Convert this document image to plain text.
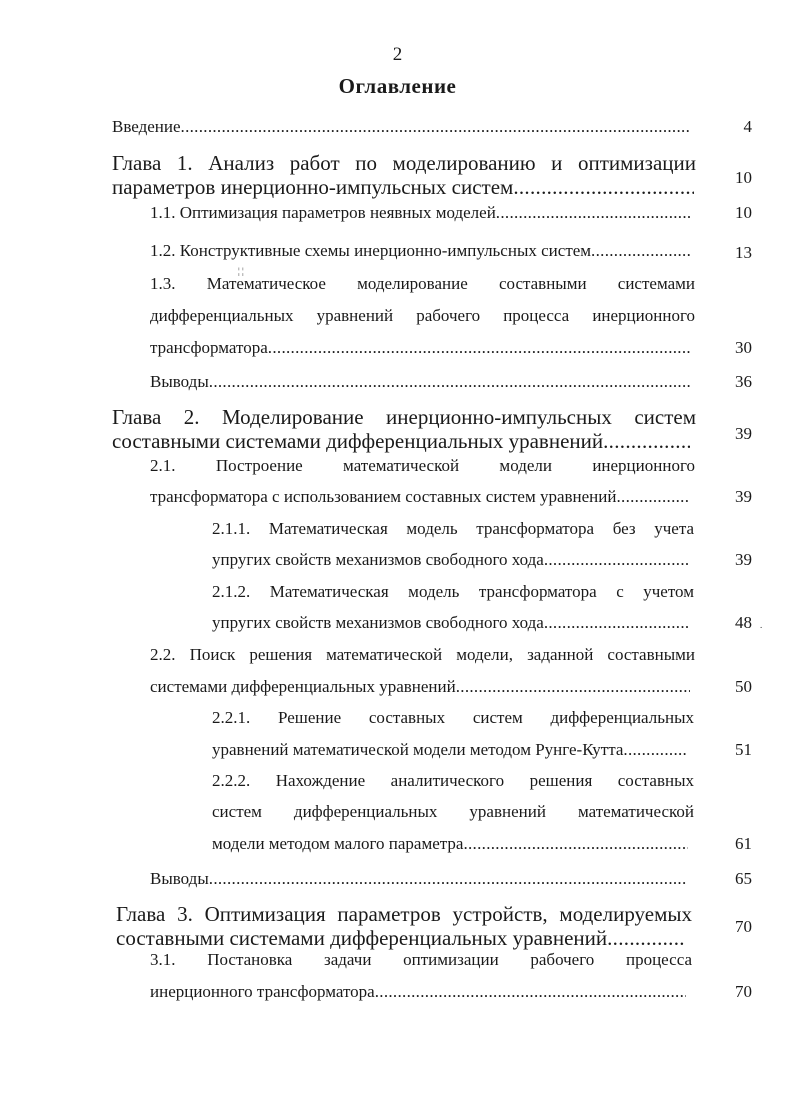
2
Оглавление
Введение .....	4
Глава 1. Анализ работ по моделированию и оптимизации
параметров инерционно-импульсных систем .....	10
1.1. Оптимизация параметров неявных моделей .....	10
1.2. Конструктивные схемы инерционно-импульсных систем .....	13
¦ ¦
1.3. Математическое моделирование составными системами
дифференциальных уравнений рабочего процесса инерционного
трансформатора .....	30
Выводы .....	36
Глава 2. Моделирование инерционно-импульсных систем
составными системами дифференциальных уравнений .....	39
2.1. Построение математической модели инерционного
трансформатора с использованием составных систем уравнений .....	39
2.1.1. Математическая модель трансформатора без учета
упругих свойств механизмов свободного хода .....	39
2.1.2. Математическая модель трансформатора с учетом
упругих свойств механизмов свободного хода .....	48 .
2.2. Поиск решения математической модели, заданной составными
системами дифференциальных уравнений .....	50
2.2.1. Решение составных систем дифференциальных
уравнений математической модели методом Рунге-Кутта .....	51
2.2.2. Нахождение аналитического решения составных
систем дифференциальных уравнений математической
модели методом малого параметра .....	61
Выводы .....	65
Глава 3. Оптимизация параметров устройств, моделируемых
составными системами дифференциальных уравнений .....	70
3.1. Постановка задачи оптимизации рабочего процесса
инерционного трансформатора .....	70
